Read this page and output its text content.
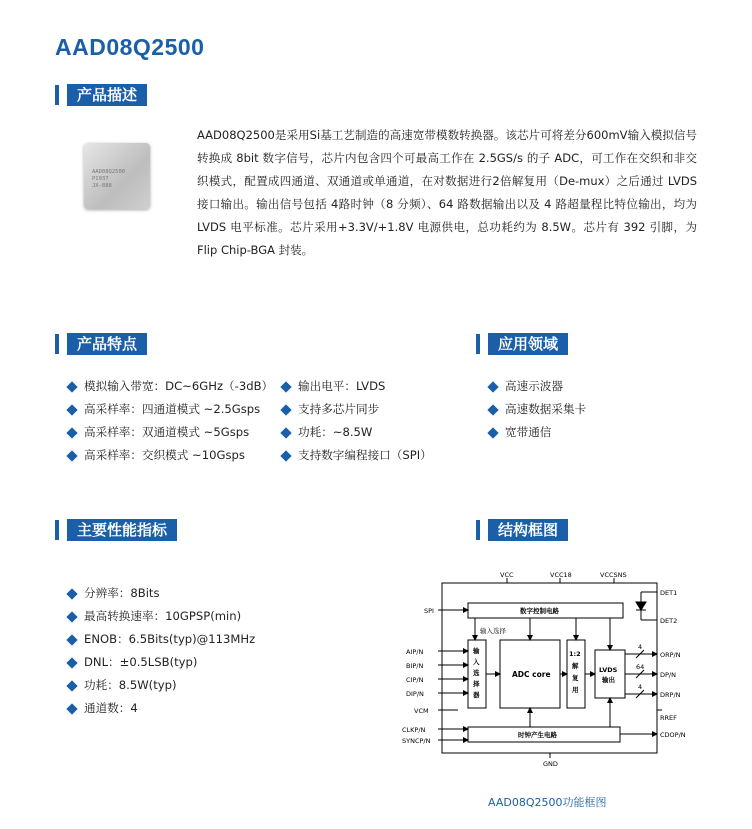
AAD08Q2500
产品描述
AAD08Q2500
P1937
JX-888
AAD08Q2500是采用Si基工艺制造的高速宽带模数转换器。该芯片可将差分600mV输入模拟信号转换成 8bit 数字信号，芯片内包含四个可最高工作在 2.5GS/s 的子 ADC，可工作在交织和非交织模式，配置成四通道、双通道或单通道，在对数据进行2倍解复用（De-mux）之后通过 LVDS 接口输出。输出信号包括 4路时钟（8 分频）、64 路数据输出以及 4 路超量程比特位输出，均为 LVDS 电平标准。芯片采用+3.3V/+1.8V 电源供电，总功耗约为 8.5W。芯片有 392 引脚，为 Flip Chip-BGA 封装。
产品特点
模拟输入带宽：DC~6GHz（-3dB）
高采样率：四通道模式 ~2.5Gsps
高采样率：双通道模式 ~5Gsps
高采样率：交织模式 ~10Gsps
输出电平：LVDS
支持多芯片同步
功耗：~8.5W
支持数字编程接口（SPI）
应用领域
高速示波器
高速数据采集卡
宽带通信
主要性能指标
分辨率：8Bits
最高转换速率：10GPSP(min)
ENOB：6.5Bits(typ)@113MHz
DNL：±0.5LSB(typ)
功耗：8.5W(typ)
通道数：4
结构框图
VCC	VCC18	VCCSNS
SPI	数字控制电路
输入选择
AIP/N
BIP/N
CIP/N
DIP/N
VCM
输
入
选
择
器
ADC core
1:2
解
复
用
LVDS
输出
DET1
DET2
ORP/N
DP/N
DRP/N
RREF
CDOP/N
4
64
4
CLKP/N
SYNCP/N
时钟产生电路
GND
AAD08Q2500功能框图
